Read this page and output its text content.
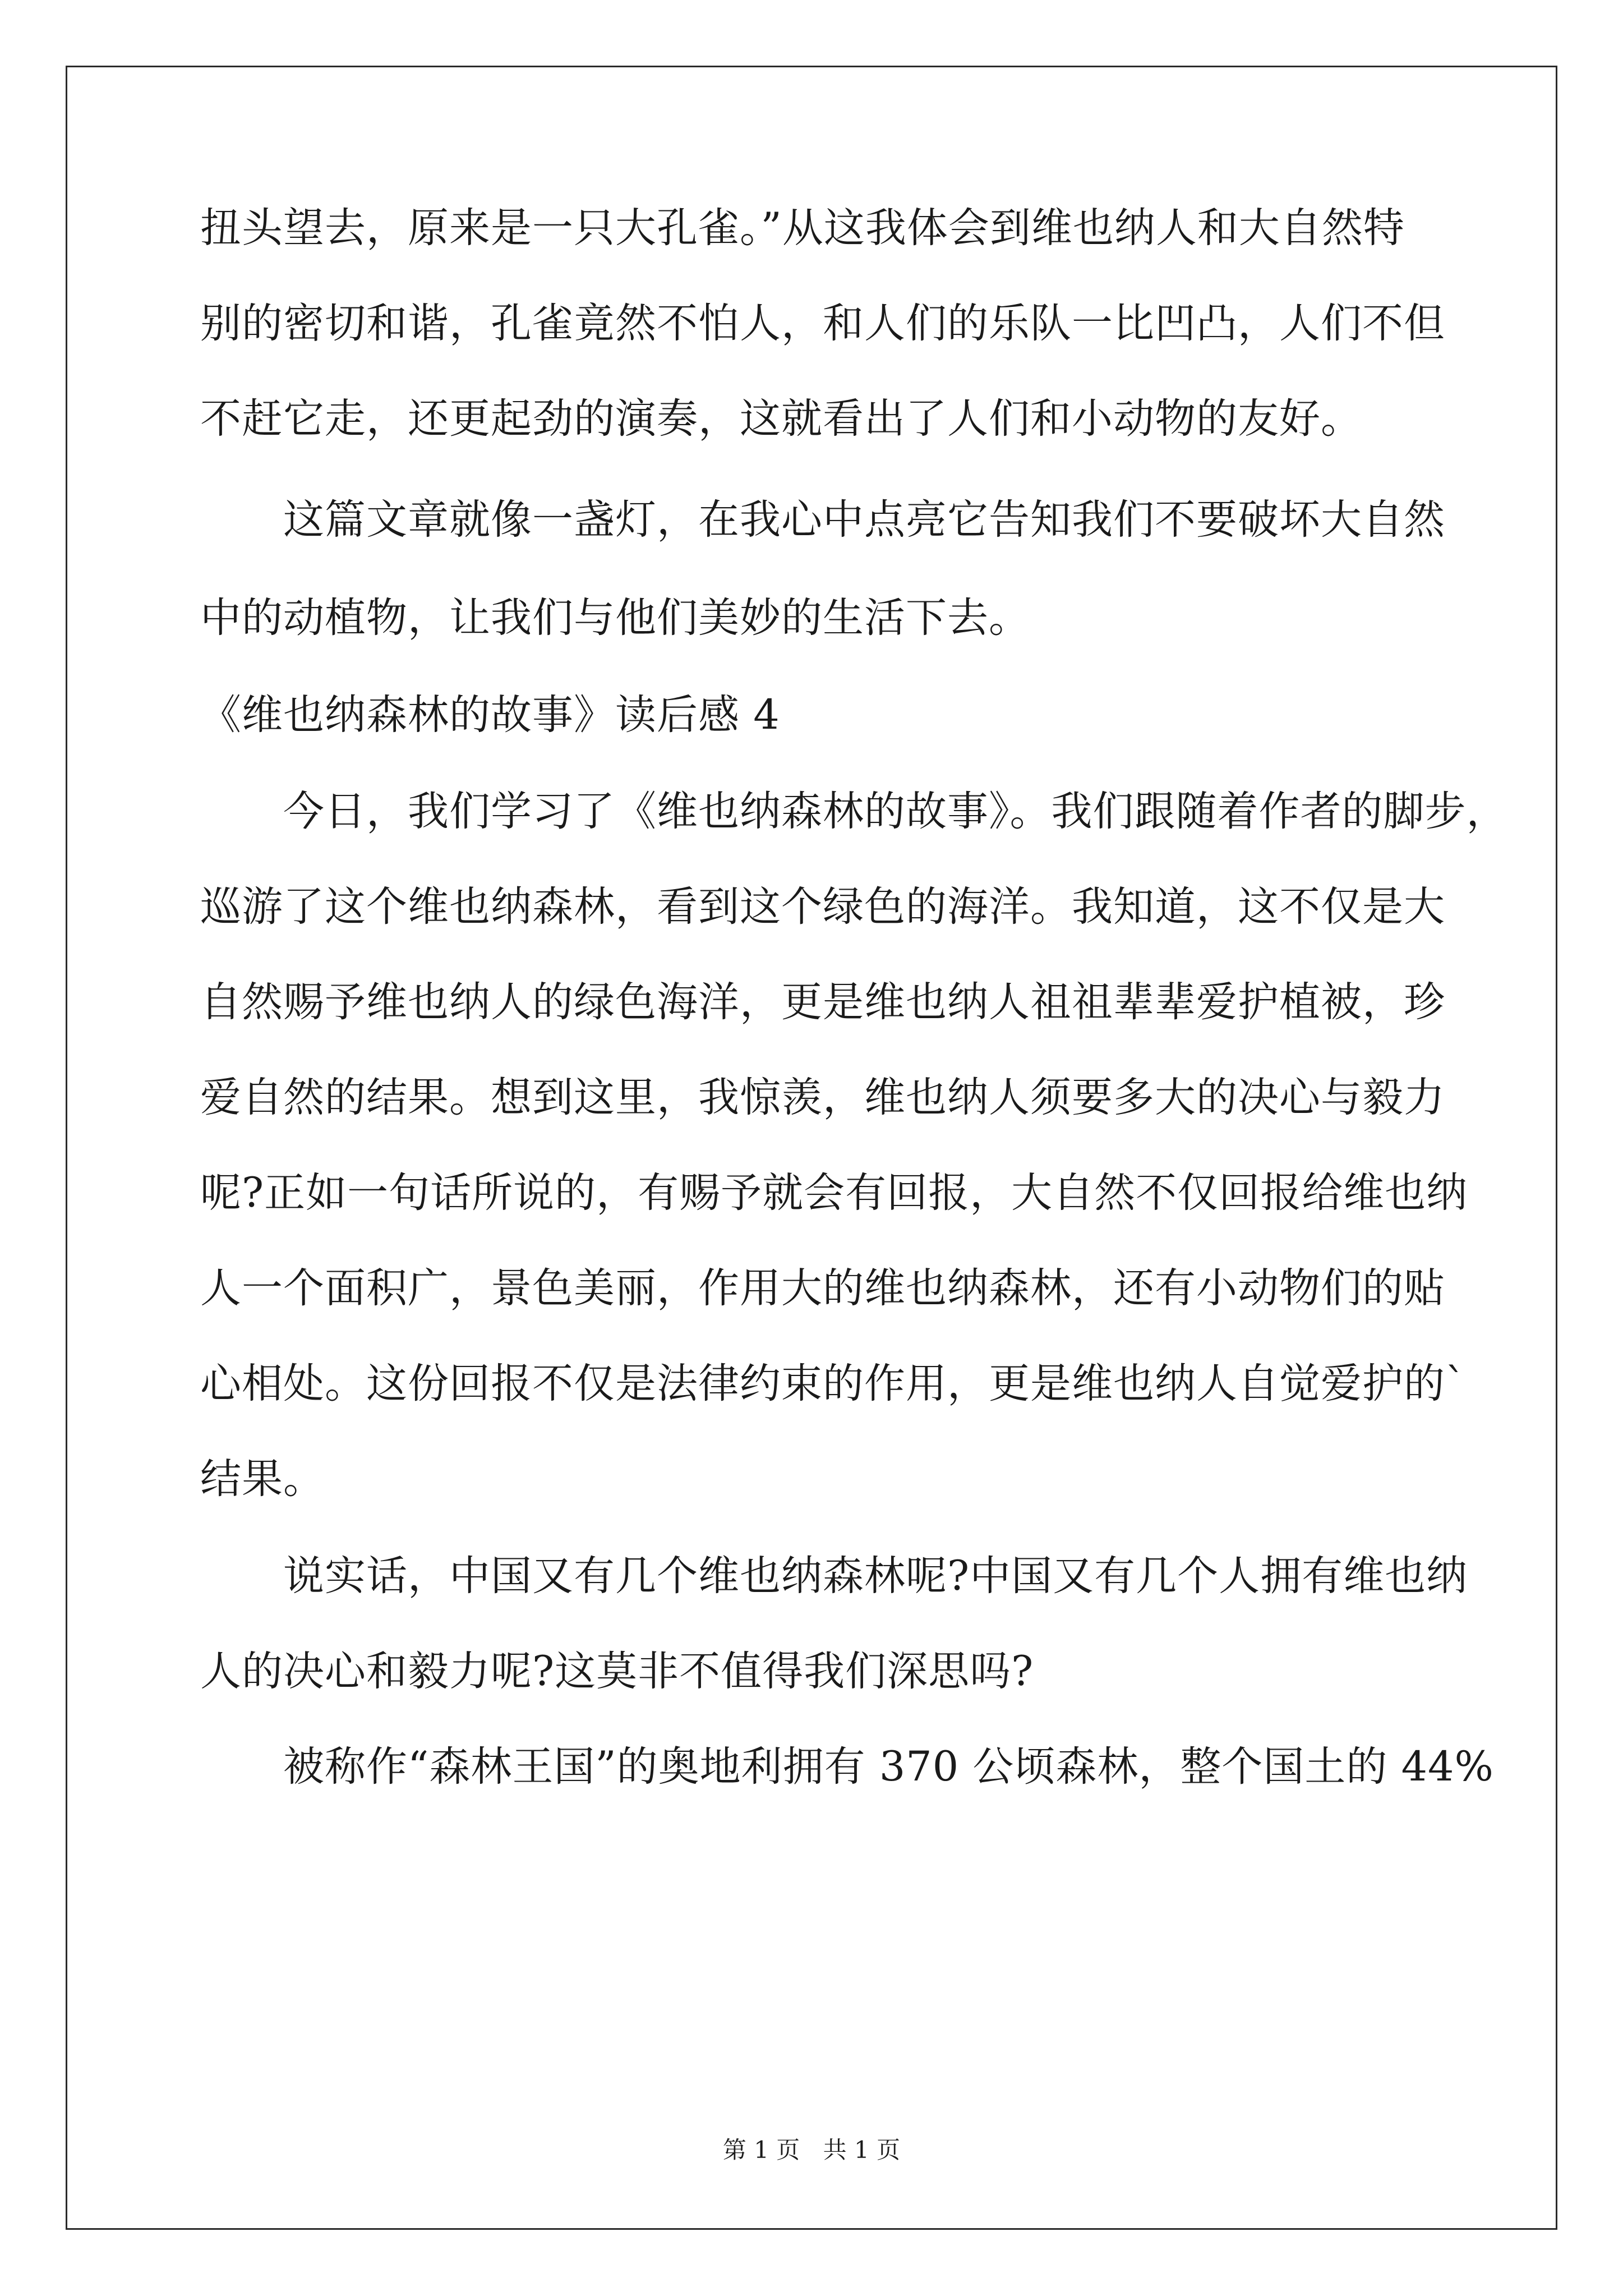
扭头望去，原来是一只大孔雀。”从这我体会到维也纳人和大自然特
别的密切和谐，孔雀竟然不怕人，和人们的乐队一比凹凸，人们不但
不赶它走，还更起劲的演奏，这就看出了人们和小动物的友好。
　　这篇文章就像一盏灯，在我心中点亮它告知我们不要破坏大自然
中的动植物，让我们与他们美妙的生活下去。
《维也纳森林的故事》读后感 4
　　今日，我们学习了《维也纳森林的故事》。我们跟随着作者的脚步，
巡游了这个维也纳森林，看到这个绿色的海洋。我知道，这不仅是大
自然赐予维也纳人的绿色海洋，更是维也纳人祖祖辈辈爱护植被，珍
爱自然的结果。想到这里，我惊羡，维也纳人须要多大的决心与毅力
呢?正如一句话所说的，有赐予就会有回报，大自然不仅回报给维也纳
人一个面积广，景色美丽，作用大的维也纳森林，还有小动物们的贴
心相处。这份回报不仅是法律约束的作用，更是维也纳人自觉爱护的`
结果。
　　说实话，中国又有几个维也纳森林呢?中国又有几个人拥有维也纳
人的决心和毅力呢?这莫非不值得我们深思吗?
　　被称作“森林王国”的奥地利拥有 370 公顷森林，整个国土的 44%
第 1 页 共 1 页
